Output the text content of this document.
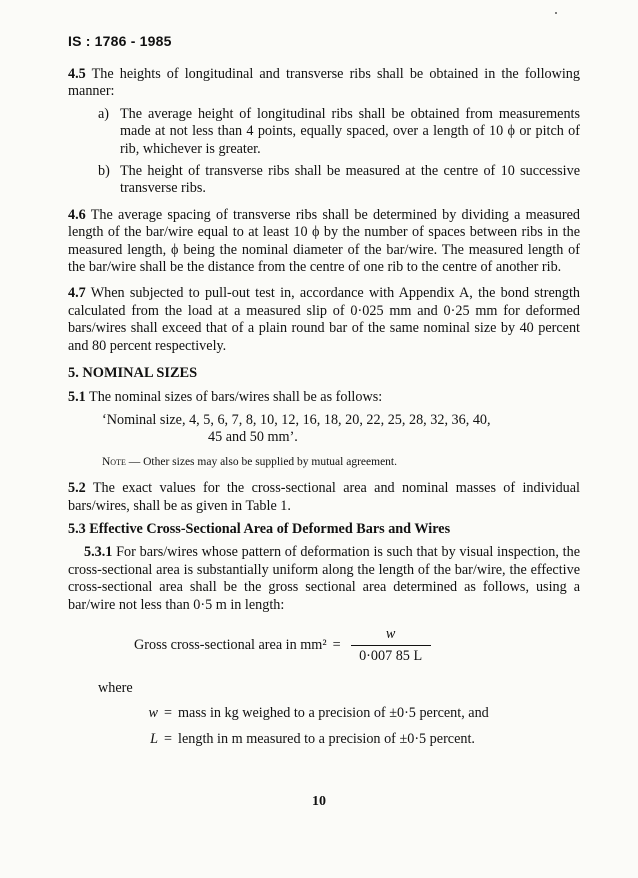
IS : 1786 - 1985

4.5 The heights of longitudinal and transverse ribs shall be obtained in the following manner:

a) The average height of longitudinal ribs shall be obtained from measurements made at not less than 4 points, equally spaced, over a length of 10 ϕ or pitch of rib, whichever is greater.
b) The height of transverse ribs shall be measured at the centre of 10 successive transverse ribs.

4.6 The average spacing of transverse ribs shall be determined by dividing a measured length of the bar/wire equal to at least 10 ϕ by the number of spaces between ribs in the measured length, ϕ being the nominal diameter of the bar/wire. The measured length of the bar/wire shall be the distance from the centre of one rib to the centre of another rib.

4.7 When subjected to pull-out test in, accordance with Appendix A, the bond strength calculated from the load at a measured slip of 0·025 mm and 0·25 mm for deformed bars/wires shall exceed that of a plain round bar of the same nominal size by 40 percent and 80 percent respectively.

5. NOMINAL SIZES

5.1 The nominal sizes of bars/wires shall be as follows:

‘Nominal size, 4, 5, 6, 7, 8, 10, 12, 16, 18, 20, 22, 25, 28, 32, 36, 40,
45 and 50 mm’.
Note — Other sizes may also be supplied by mutual agreement.

5.2 The exact values for the cross-sectional area and nominal masses of individual bars/wires, shall be as given in Table 1.

5.3 Effective Cross-Sectional Area of Deformed Bars and Wires

5.3.1 For bars/wires whose pattern of deformation is such that by visual inspection, the cross-sectional area is substantially uniform along the length of the bar/wire, the effective cross-sectional area shall be the gross sectional area determined as follows, using a bar/wire not less than 0·5 m in length:

Gross cross-sectional area in $mm^2 = \frac{w}{0\cdot 007 85 L}$
where
w = mass in kg weighed to a precision of ±0·5 percent, and
L = length in m measured to a precision of ±0·5 percent.
10
